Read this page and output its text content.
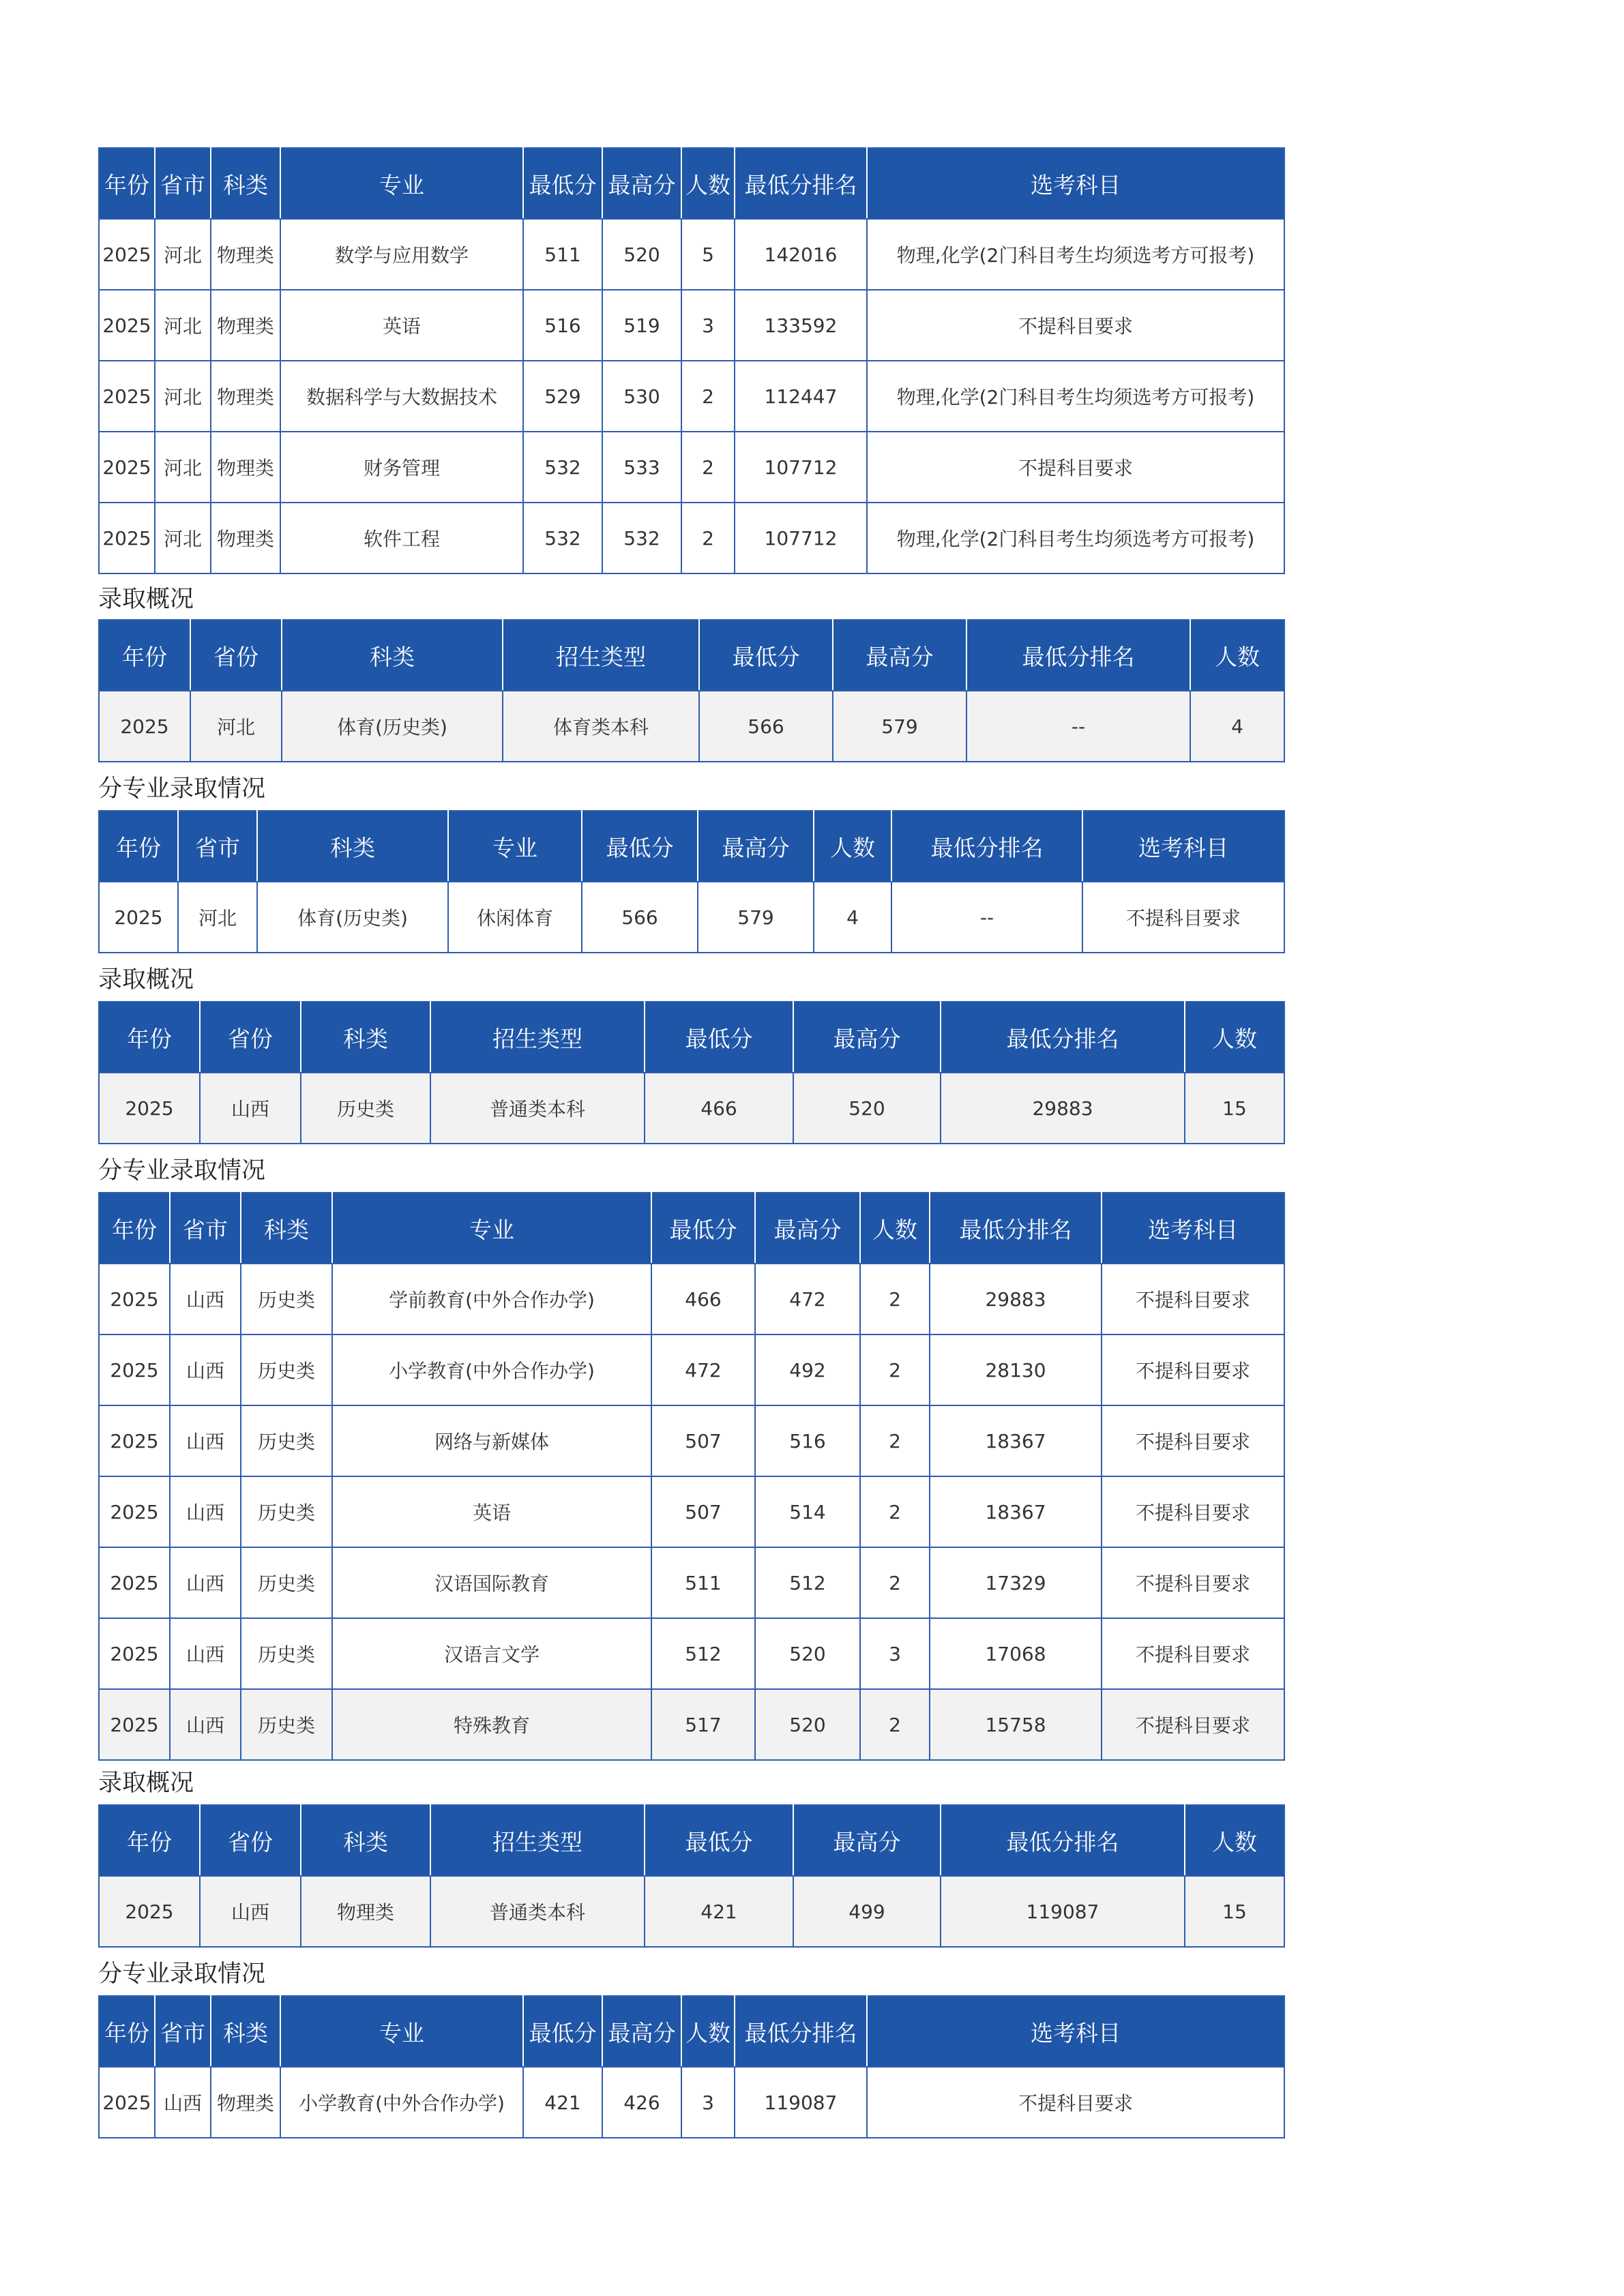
年份	省市	科类	专业	最低分	最高分	人数	最低分排名	选考科目
2025	河北	物理类	数学与应用数学	511	520	5	142016	物理,化学(2门科目考生均须选考方可报考)
2025	河北	物理类	英语	516	519	3	133592	不提科目要求
2025	河北	物理类	数据科学与大数据技术	529	530	2	112447	物理,化学(2门科目考生均须选考方可报考)
2025	河北	物理类	财务管理	532	533	2	107712	不提科目要求
2025	河北	物理类	软件工程	532	532	2	107712	物理,化学(2门科目考生均须选考方可报考)
录取概况
年份	省份	科类	招生类型	最低分	最高分	最低分排名	人数
2025	河北	体育(历史类)	体育类本科	566	579	--	4
分专业录取情况
年份	省市	科类	专业	最低分	最高分	人数	最低分排名	选考科目
2025	河北	体育(历史类)	休闲体育	566	579	4	--	不提科目要求
录取概况
年份	省份	科类	招生类型	最低分	最高分	最低分排名	人数
2025	山西	历史类	普通类本科	466	520	29883	15
分专业录取情况
年份	省市	科类	专业	最低分	最高分	人数	最低分排名	选考科目
2025	山西	历史类	学前教育(中外合作办学)	466	472	2	29883	不提科目要求
2025	山西	历史类	小学教育(中外合作办学)	472	492	2	28130	不提科目要求
2025	山西	历史类	网络与新媒体	507	516	2	18367	不提科目要求
2025	山西	历史类	英语	507	514	2	18367	不提科目要求
2025	山西	历史类	汉语国际教育	511	512	2	17329	不提科目要求
2025	山西	历史类	汉语言文学	512	520	3	17068	不提科目要求
2025	山西	历史类	特殊教育	517	520	2	15758	不提科目要求
录取概况
年份	省份	科类	招生类型	最低分	最高分	最低分排名	人数
2025	山西	物理类	普通类本科	421	499	119087	15
分专业录取情况
年份	省市	科类	专业	最低分	最高分	人数	最低分排名	选考科目
2025	山西	物理类	小学教育(中外合作办学)	421	426	3	119087	不提科目要求
